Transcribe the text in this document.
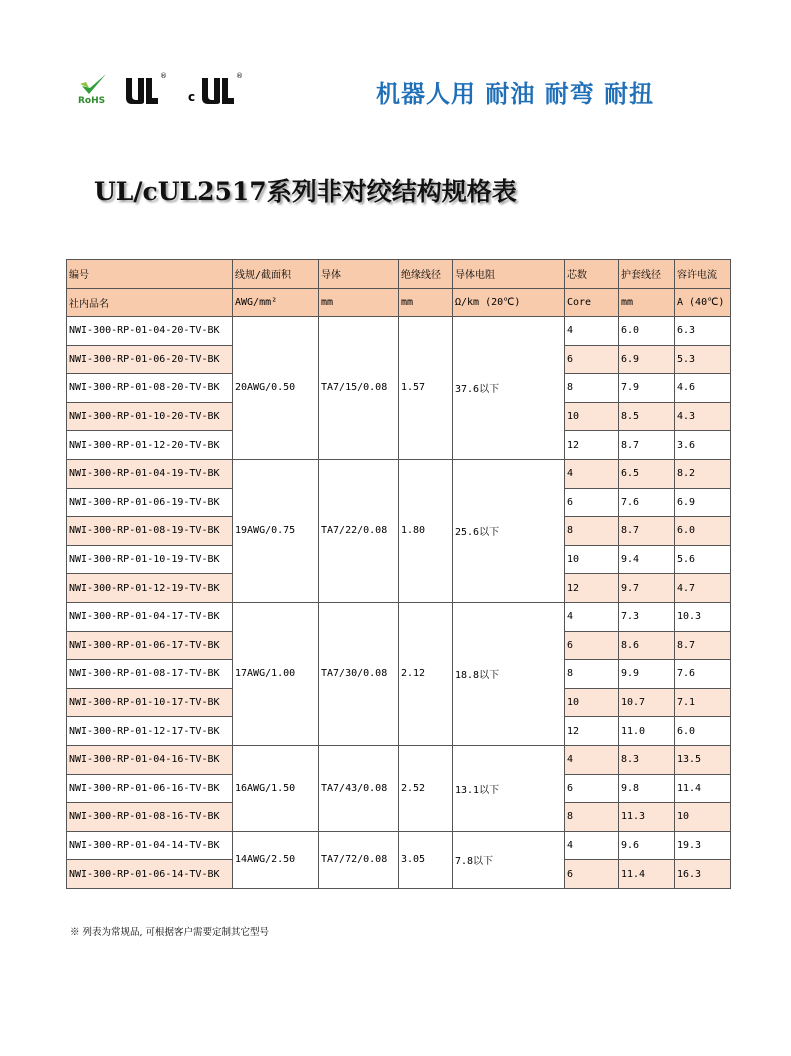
RoHS
®
c
®
机器人用 耐油 耐弯 耐扭
UL/cUL2517系列非对绞结构规格表
编号	线规/截面积	导体	绝缘线径	导体电阻	芯数	护套线径	容许电流
社内品名	AWG/mm²	mm	mm	Ω/km (20℃)	Core	mm	A (40℃)
NWI-300-RP-01-04-20-TV-BK	20AWG/0.50	TA7/15/0.08	1.57	37.6以下	4	6.0	6.3
NWI-300-RP-01-06-20-TV-BK					6	6.9	5.3
NWI-300-RP-01-08-20-TV-BK					8	7.9	4.6
NWI-300-RP-01-10-20-TV-BK					10	8.5	4.3
NWI-300-RP-01-12-20-TV-BK					12	8.7	3.6
NWI-300-RP-01-04-19-TV-BK	19AWG/0.75	TA7/22/0.08	1.80	25.6以下	4	6.5	8.2
NWI-300-RP-01-06-19-TV-BK					6	7.6	6.9
NWI-300-RP-01-08-19-TV-BK					8	8.7	6.0
NWI-300-RP-01-10-19-TV-BK					10	9.4	5.6
NWI-300-RP-01-12-19-TV-BK					12	9.7	4.7
NWI-300-RP-01-04-17-TV-BK	17AWG/1.00	TA7/30/0.08	2.12	18.8以下	4	7.3	10.3
NWI-300-RP-01-06-17-TV-BK					6	8.6	8.7
NWI-300-RP-01-08-17-TV-BK					8	9.9	7.6
NWI-300-RP-01-10-17-TV-BK					10	10.7	7.1
NWI-300-RP-01-12-17-TV-BK					12	11.0	6.0
NWI-300-RP-01-04-16-TV-BK	16AWG/1.50	TA7/43/0.08	2.52	13.1以下	4	8.3	13.5
NWI-300-RP-01-06-16-TV-BK					6	9.8	11.4
NWI-300-RP-01-08-16-TV-BK					8	11.3	10
NWI-300-RP-01-04-14-TV-BK	14AWG/2.50	TA7/72/0.08	3.05	7.8以下	4	9.6	19.3
NWI-300-RP-01-06-14-TV-BK					6	11.4	16.3
※ 列表为常规品, 可根据客户需要定制其它型号
